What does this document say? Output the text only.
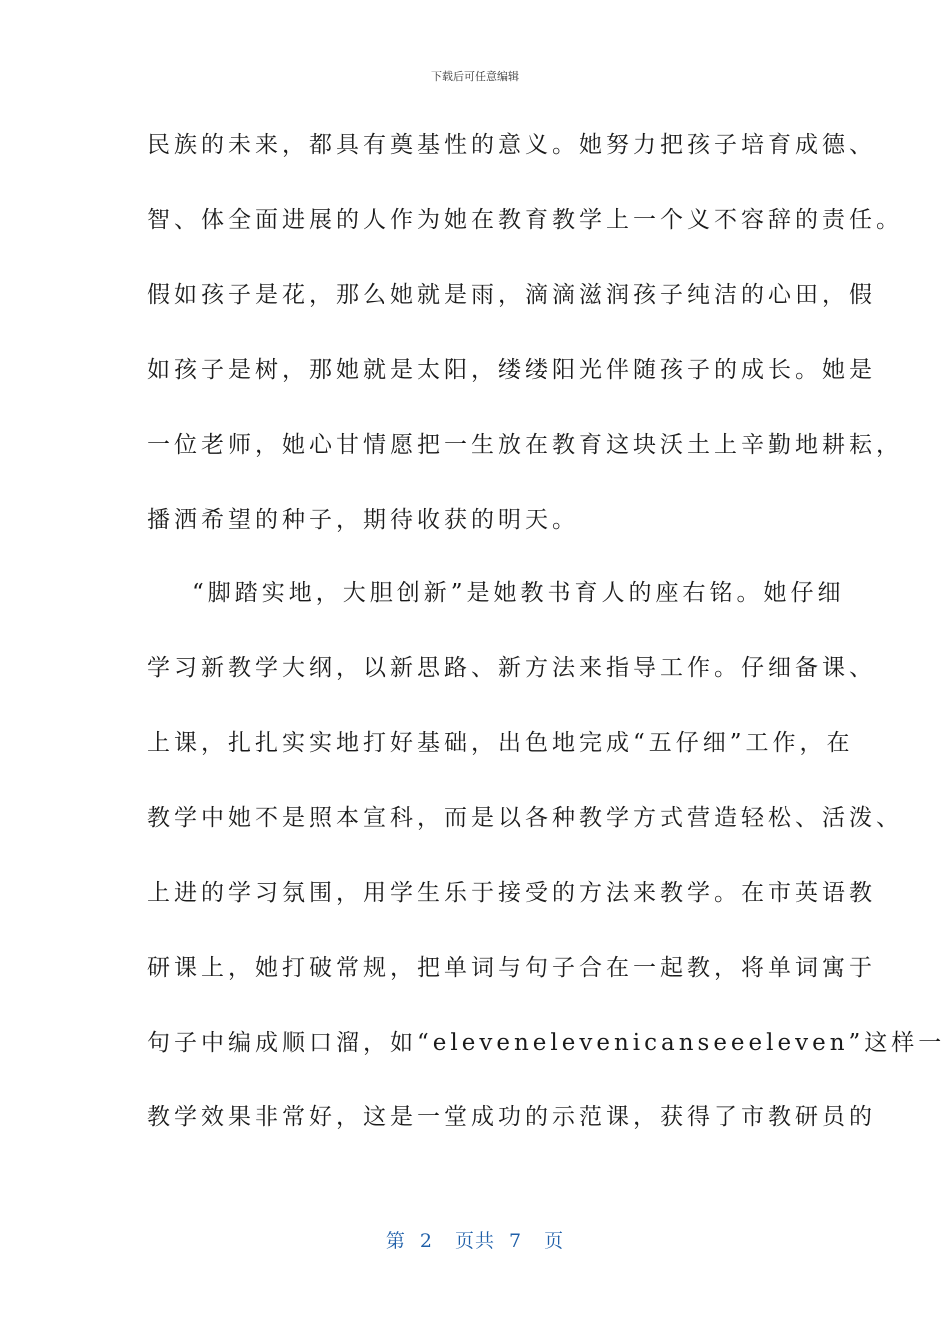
下载后可任意编辑
民族的未来，都具有奠基性的意义。她努力把孩子培育成德、
智、体全面进展的人作为她在教育教学上一个义不容辞的责任。
假如孩子是花，那么她就是雨，滴滴滋润孩子纯洁的心田，假
如孩子是树，那她就是太阳，缕缕阳光伴随孩子的成长。她是
一位老师，她心甘情愿把一生放在教育这块沃土上辛勤地耕耘，
播洒希望的种子，期待收获的明天。
“脚踏实地，大胆创新”是她教书育人的座右铭。她仔细
学习新教学大纲，以新思路、新方法来指导工作。仔细备课、
上课，扎扎实实地打好基础，出色地完成“五仔细”工作，在
教学中她不是照本宣科，而是以各种教学方式营造轻松、活泼、
上进的学习氛围，用学生乐于接受的方法来教学。在市英语教
研课上，她打破常规，把单词与句子合在一起教，将单词寓于
句子中编成顺口溜，如“elevenelevenicanseeeleven”这样一
教学效果非常好，这是一堂成功的示范课，获得了市教研员的
第 2 页共 7 页
